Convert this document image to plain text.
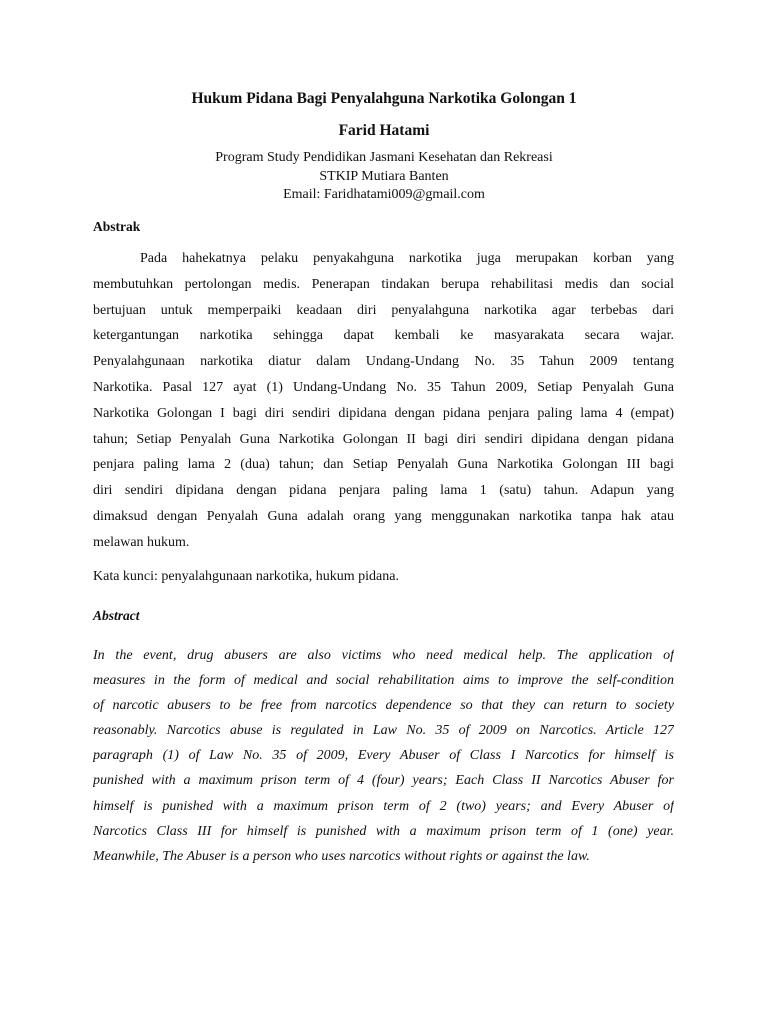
Hukum Pidana Bagi Penyalahguna Narkotika Golongan 1
Farid Hatami
Program Study Pendidikan Jasmani Kesehatan dan Rekreasi
STKIP Mutiara Banten
Email: Faridhatami009@gmail.com
Abstrak
Pada hahekatnya pelaku penyakahguna narkotika juga merupakan korban yang
membutuhkan pertolongan medis. Penerapan tindakan berupa rehabilitasi medis dan social
bertujuan untuk memperpaiki keadaan diri penyalahguna narkotika agar terbebas dari
ketergantungan narkotika sehingga dapat kembali ke masyarakata secara wajar.
Penyalahgunaan narkotika diatur dalam Undang-Undang No. 35 Tahun 2009 tentang
Narkotika. Pasal 127 ayat (1) Undang-Undang No. 35 Tahun 2009, Setiap Penyalah Guna
Narkotika Golongan I bagi diri sendiri dipidana dengan pidana penjara paling lama 4 (empat)
tahun; Setiap Penyalah Guna Narkotika Golongan II bagi diri sendiri dipidana dengan pidana
penjara paling lama 2 (dua) tahun; dan Setiap Penyalah Guna Narkotika Golongan III bagi
diri sendiri dipidana dengan pidana penjara paling lama 1 (satu) tahun. Adapun yang
dimaksud dengan Penyalah Guna adalah orang yang menggunakan narkotika tanpa hak atau
melawan hukum.
Kata kunci: penyalahgunaan narkotika, hukum pidana.
Abstract
In the event, drug abusers are also victims who need medical help. The application of
measures in the form of medical and social rehabilitation aims to improve the self-condition
of narcotic abusers to be free from narcotics dependence so that they can return to society
reasonably. Narcotics abuse is regulated in Law No. 35 of 2009 on Narcotics. Article 127
paragraph (1) of Law No. 35 of 2009, Every Abuser of Class I Narcotics for himself is
punished with a maximum prison term of 4 (four) years; Each Class II Narcotics Abuser for
himself is punished with a maximum prison term of 2 (two) years; and Every Abuser of
Narcotics Class III for himself is punished with a maximum prison term of 1 (one) year.
Meanwhile, The Abuser is a person who uses narcotics without rights or against the law.
